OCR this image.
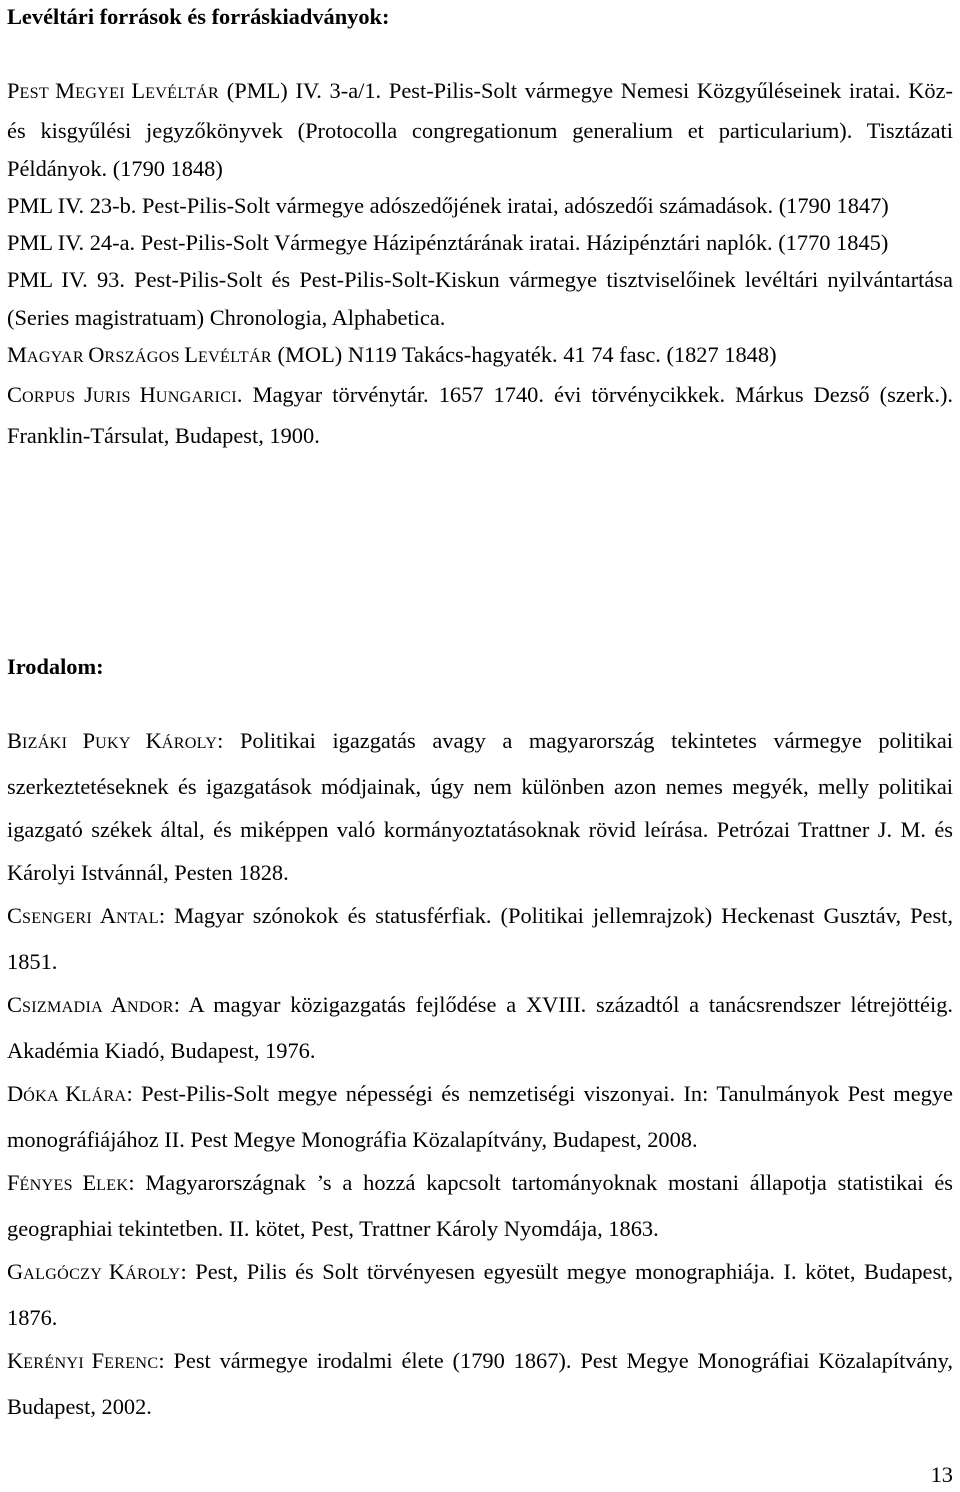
Levéltári források és forráskiadványok:

PEST MEGYEI LEVÉLTÁR (PML) IV. 3-a/1. Pest-Pilis-Solt vármegye Nemesi Közgyűléseinek iratai. Köz- és kisgyűlési jegyzőkönyvek (Protocolla congregationum generalium et particularium). Tisztázati Példányok. (1790 1848)

PML IV. 23-b. Pest-Pilis-Solt vármegye adószedőjének iratai, adószedői számadások. (1790 1847)

PML IV. 24-a. Pest-Pilis-Solt Vármegye Házipénztárának iratai. Házipénztári naplók. (1770 1845)

PML IV. 93. Pest-Pilis-Solt és Pest-Pilis-Solt-Kiskun vármegye tisztviselőinek levéltári nyilvántartása (Series magistratuam) Chronologia, Alphabetica.

MAGYAR ORSZÁGOS LEVÉLTÁR (MOL) N119 Takács-hagyaték. 41 74 fasc. (1827 1848)

CORPUS JURIS HUNGARICI. Magyar törvénytár. 1657 1740. évi törvénycikkek. Márkus Dezső (szerk.). Franklin-Társulat, Budapest, 1900.

Irodalom:

BIZÁKI PUKY KÁROLY: Politikai igazgatás avagy a magyarország tekintetes vármegye politikai szerkeztetéseknek és igazgatások módjainak, úgy nem különben azon nemes megyék, melly politikai igazgató székek által, és miképpen való kormányoztatásoknak rövid leírása. Petrózai Trattner J. M. és Károlyi Istvánnál, Pesten 1828.

CSENGERI ANTAL: Magyar szónokok és statusférfiak. (Politikai jellemrajzok) Heckenast Gusztáv, Pest, 1851.

CSIZMADIA ANDOR: A magyar közigazgatás fejlődése a XVIII. századtól a tanácsrendszer létrejöttéig. Akadémia Kiadó, Budapest, 1976.

DÓKA KLÁRA: Pest-Pilis-Solt megye népességi és nemzetiségi viszonyai. In: Tanulmányok Pest megye monográfiájához II. Pest Megye Monográfia Közalapítvány, Budapest, 2008.

FÉNYES ELEK: Magyarországnak ’s a hozzá kapcsolt tartományoknak mostani állapotja statistikai és geographiai tekintetben. II. kötet, Pest, Trattner Károly Nyomdája, 1863.

GALGÓCZY KÁROLY: Pest, Pilis és Solt törvényesen egyesült megye monographiája. I. kötet, Budapest, 1876.

KERÉNYI FERENC: Pest vármegye irodalmi élete (1790 1867). Pest Megye Monográfiai Közalapítvány, Budapest, 2002.

13
